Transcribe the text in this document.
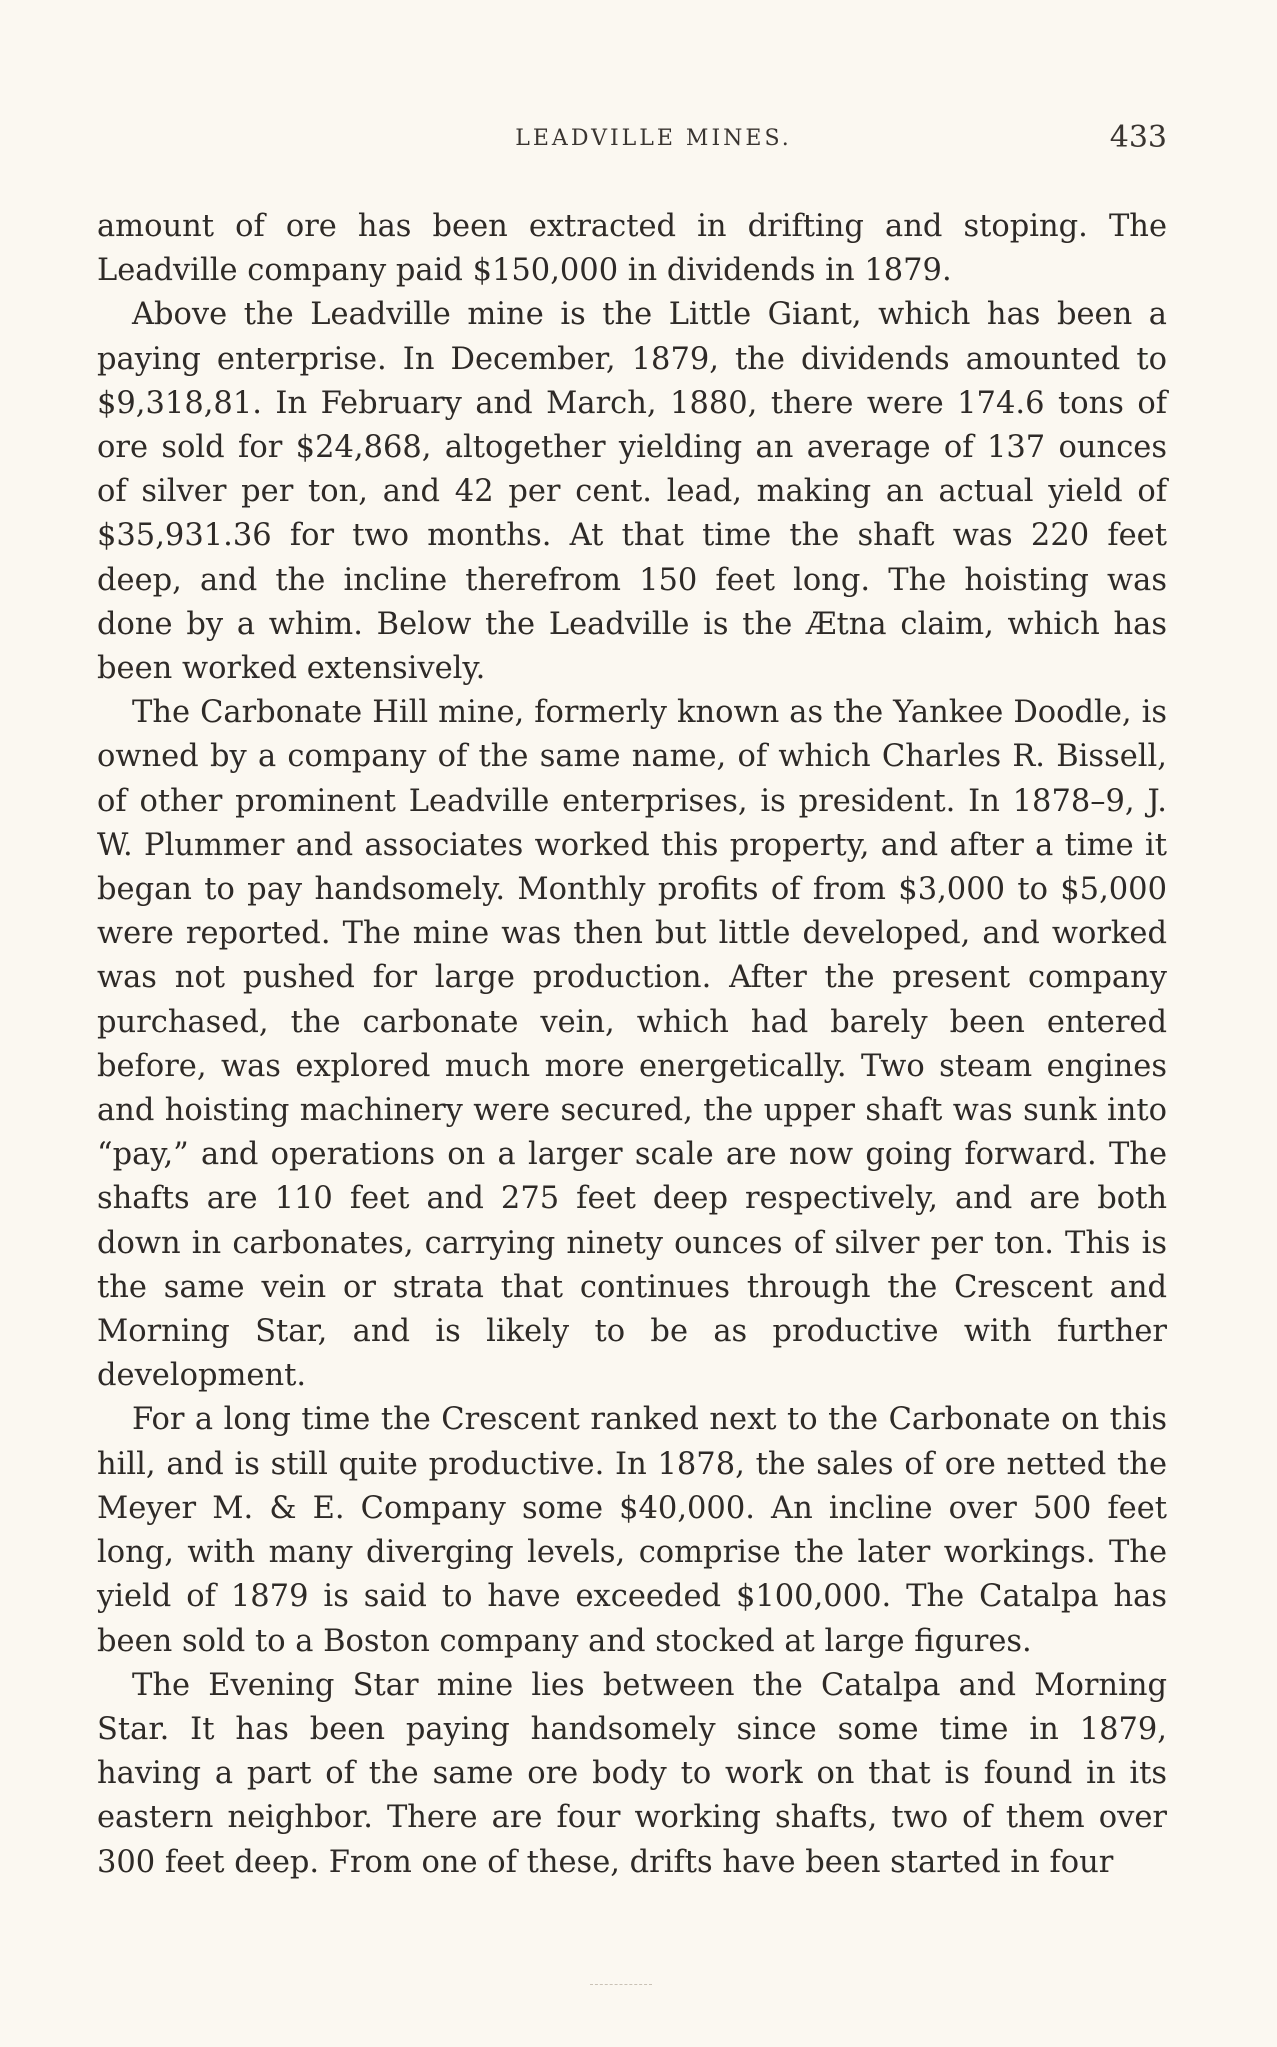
LEADVILLE MINES.	433

amount of ore has been extracted in drifting and stoping. The Leadville company paid $150,000 in dividends in 1879.

Above the Leadville mine is the Little Giant, which has been a paying enterprise. In December, 1879, the dividends amounted to $9,318,81. In February and March, 1880, there were 174.6 tons of ore sold for $24,868, altogether yielding an average of 137 ounces of silver per ton, and 42 per cent. lead, making an actual yield of $35,931.36 for two months. At that time the shaft was 220 feet deep, and the incline therefrom 150 feet long. The hoisting was done by a whim. Below the Leadville is the Ætna claim, which has been worked extensively.

The Carbonate Hill mine, formerly known as the Yankee Doodle, is owned by a company of the same name, of which Charles R. Bissell, of other prominent Leadville enterprises, is president. In 1878–9, J. W. Plummer and associates worked this property, and after a time it began to pay handsomely. Monthly profits of from $3,000 to $5,000 were reported. The mine was then but little developed, and worked was not pushed for large production. After the present company purchased, the carbonate vein, which had barely been entered before, was explored much more energetically. Two steam engines and hoisting machinery were secured, the upper shaft was sunk into “pay,” and operations on a larger scale are now going forward. The shafts are 110 feet and 275 feet deep respectively, and are both down in carbonates, carrying ninety ounces of silver per ton. This is the same vein or strata that continues through the Crescent and Morning Star, and is likely to be as productive with further development.

For a long time the Crescent ranked next to the Carbonate on this hill, and is still quite productive. In 1878, the sales of ore netted the Meyer M. & E. Company some $40,000. An incline over 500 feet long, with many diverging levels, comprise the later workings. The yield of 1879 is said to have exceeded $100,000. The Catalpa has been sold to a Boston company and stocked at large figures.

The Evening Star mine lies between the Catalpa and Morning Star. It has been paying handsomely since some time in 1879, having a part of the same ore body to work on that is found in its eastern neighbor. There are four working shafts, two of them over 300 feet deep. From one of these, drifts have been started in four
